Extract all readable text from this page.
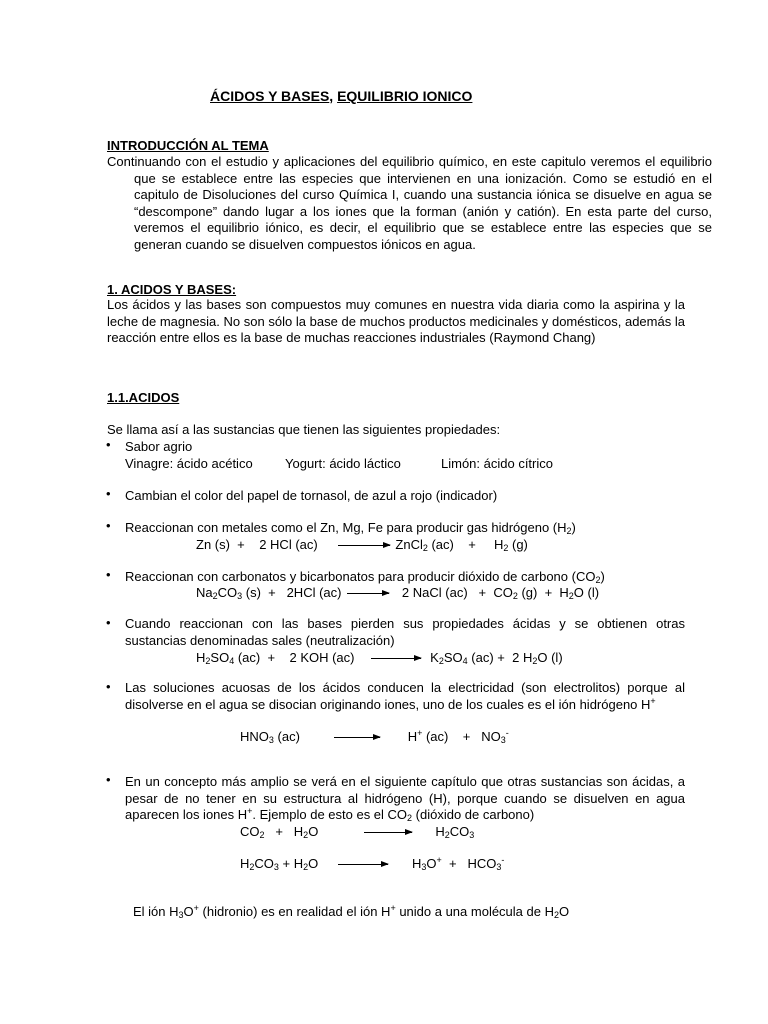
ÁCIDOS Y BASES, EQUILIBRIO IONICO
INTRODUCCIÓN AL TEMA
Continuando con el estudio y aplicaciones del equilibrio químico, en este capitulo veremos el equilibrio que se establece entre las especies que intervienen en una ionización. Como se estudió en el capitulo de Disoluciones del curso Química I, cuando una sustancia iónica se disuelve en agua se “descompone” dando lugar a los iones que la forman (anión y catión). En esta parte del curso, veremos el equilibrio iónico, es decir, el equilibrio que se establece entre las especies que se generan cuando se disuelven compuestos iónicos en agua.
1. ACIDOS Y BASES:
Los ácidos y las bases son compuestos muy comunes en nuestra vida diaria como la aspirina y la leche de magnesia. No son sólo la base de muchos productos medicinales y domésticos, además la reacción entre ellos es la base de muchas reacciones industriales (Raymond Chang)
1.1.ACIDOS
Se llama así a las sustancias que tienen las siguientes propiedades:
• Sabor agrio
Vinagre: ácido acético Yogurt: ácido láctico	Limón: ácido cítrico
• Cambian el color del papel de tornasol, de azul a rojo (indicador)
• Reaccionan con metales como el Zn, Mg, Fe para producir gas hidrógeno $(H_2)$
Zn (s)  +    2 HCl (ac) → ZnCl$_2$ (ac)    +     $H_2$ (g)
• Reaccionan con carbonatos y bicarbonatos para producir dióxido de carbono $(CO_2)$
$Na_2CO_3$ (s)  +   2HCl (ac) → 2 NaCl $(ac) + CO_2$ $(g) + H_2O$ (l)
• Cuando reaccionan con las bases pierden sus propiedades ácidas y se obtienen otras sustancias denominadas sales (neutralización)
$H_2SO_4$ (ac)  +    2 KOH $(ac) \to K_2SO_4$ (ac) +  2 $H_2O$ (l)
• Las soluciones acuosas de los ácidos conducen la electricidad (son electrolitos) porque al disolverse en el agua se disocian originando iones, uno de los cuales es el ión hidrógeno H+
$HNO_3$ (ac) → H+ (ac)    +   $NO_3^-$
• En un concepto más amplio se verá en el siguiente capítulo que otras sustancias son ácidas, a pesar de no tener en su estructura al hidrógeno (H), porque cuando se disuelven en agua aparecen los iones H+. Ejemplo de esto es el $CO_2$ (dióxido de carbono)
$CO_2 + H_2O \to H_2CO_3$
$H_2CO_3 + H_2O \to H_3O^+ + HCO_3^-$
El ión $H_3O^+$ (hidronio) es en realidad el ión H+ unido a una molécula de $H_2O$
